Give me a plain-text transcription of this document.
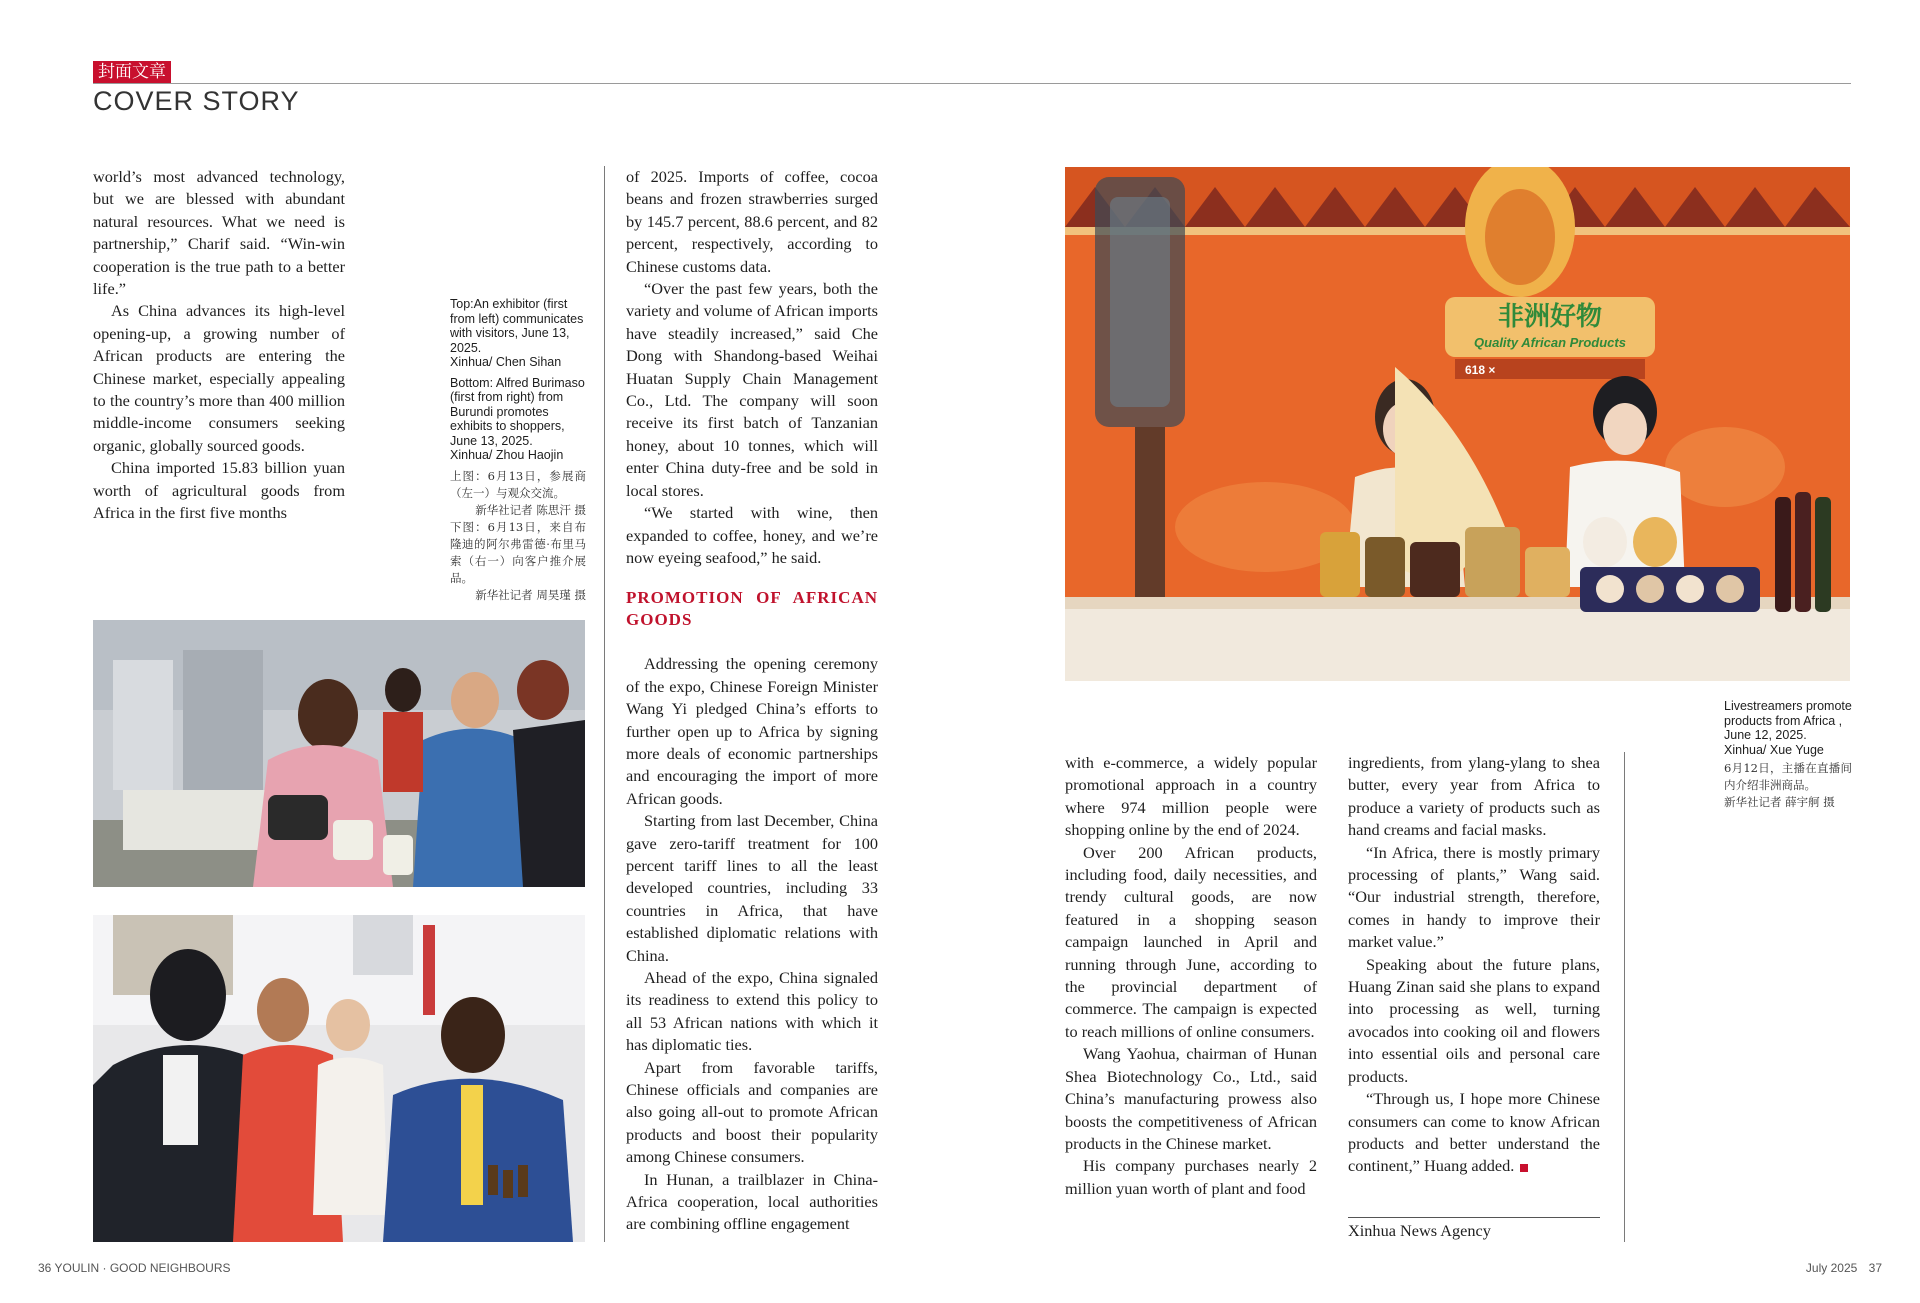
封面文章
COVER STORY

world’s most advanced technology, but we are blessed with abundant natural resources. What we need is partnership,” Charif said. “Win-win cooperation is the true path to a better life.”

As China advances its high-level opening-up, a growing number of African products are entering the Chinese market, especially appealing to the country’s more than 400 million middle-income consumers seeking organic, globally sourced goods.

China imported 15.83 billion yuan worth of agricultural goods from Africa in the first five months

Top:An exhibitor (first from left) communicates with visitors, June 13, 2025.
Xinhua/ Chen Sihan

Bottom: Alfred Burimaso (first from right) from Burundi promotes exhibits to shoppers, June 13, 2025.
Xinhua/ Zhou Haojin

上图：6月13日，参展商（左一）与观众交流。

新华社记者 陈思汗 摄

下图：6月13日，来自布隆迪的阿尔弗雷德·布里马索（右一）向客户推介展品。

新华社记者 周昊瑾 摄

of 2025. Imports of coffee, cocoa beans and frozen strawberries surged by 145.7 percent, 88.6 percent, and 82 percent, respectively, according to Chinese customs data.

“Over the past few years, both the variety and volume of African imports have steadily increased,” said Che Dong with Shandong-based Weihai Huatan Supply Chain Management Co., Ltd. The company will soon receive its first batch of Tanzanian honey, about 10 tonnes, which will enter China duty-free and be sold in local stores.

“We started with wine, then expanded to coffee, honey, and we’re now eyeing seafood,” he said.

PROMOTION OF AFRICAN GOODS

Addressing the opening ceremony of the expo, Chinese Foreign Minister Wang Yi pledged China’s efforts to further open up to Africa by signing more deals of economic partnerships and encouraging the import of more African goods.

Starting from last December, China gave zero-tariff treatment for 100 percent tariff lines to all the least developed countries, including 33 countries in Africa, that have established diplomatic relations with China.

Ahead of the expo, China signaled its readiness to extend this policy to all 53 African nations with which it has diplomatic ties.

Apart from favorable tariffs, Chinese officials and companies are also going all-out to promote African products and boost their popularity among Chinese consumers.

In Hunan, a trailblazer in China-Africa cooperation, local authorities are combining offline engagement

非洲好物
Quality African Products
618 ×

Livestreamers promote products from Africa , June 12, 2025.
Xinhua/ Xue Yuge

6月12日，主播在直播间内介绍非洲商品。

新华社记者 薛宇舸 摄

with e-commerce, a widely popular promotional approach in a country where 974 million people were shopping online by the end of 2024.

Over 200 African products, including food, daily necessities, and trendy cultural goods, are now featured in a shopping season campaign launched in April and running through June, according to the provincial department of commerce. The campaign is expected to reach millions of online consumers.

Wang Yaohua, chairman of Hunan Shea Biotechnology Co., Ltd., said China’s manufacturing prowess also boosts the competitiveness of African products in the Chinese market.

His company purchases nearly 2 million yuan worth of plant and food

ingredients, from ylang-ylang to shea butter, every year from Africa to produce a variety of products such as hand creams and facial masks.

“In Africa, there is mostly primary processing of plants,” Wang said. “Our industrial strength, therefore, comes in handy to improve their market value.”

Speaking about the future plans, Huang Zinan said she plans to expand into processing as well, turning avocados into cooking oil and flowers into essential oils and personal care products.

“Through us, I hope more Chinese consumers can come to know African products and better understand the continent,” Huang added.

Xinhua News Agency
36 YOULIN · GOOD NEIGHBOURS	July 2025 37
